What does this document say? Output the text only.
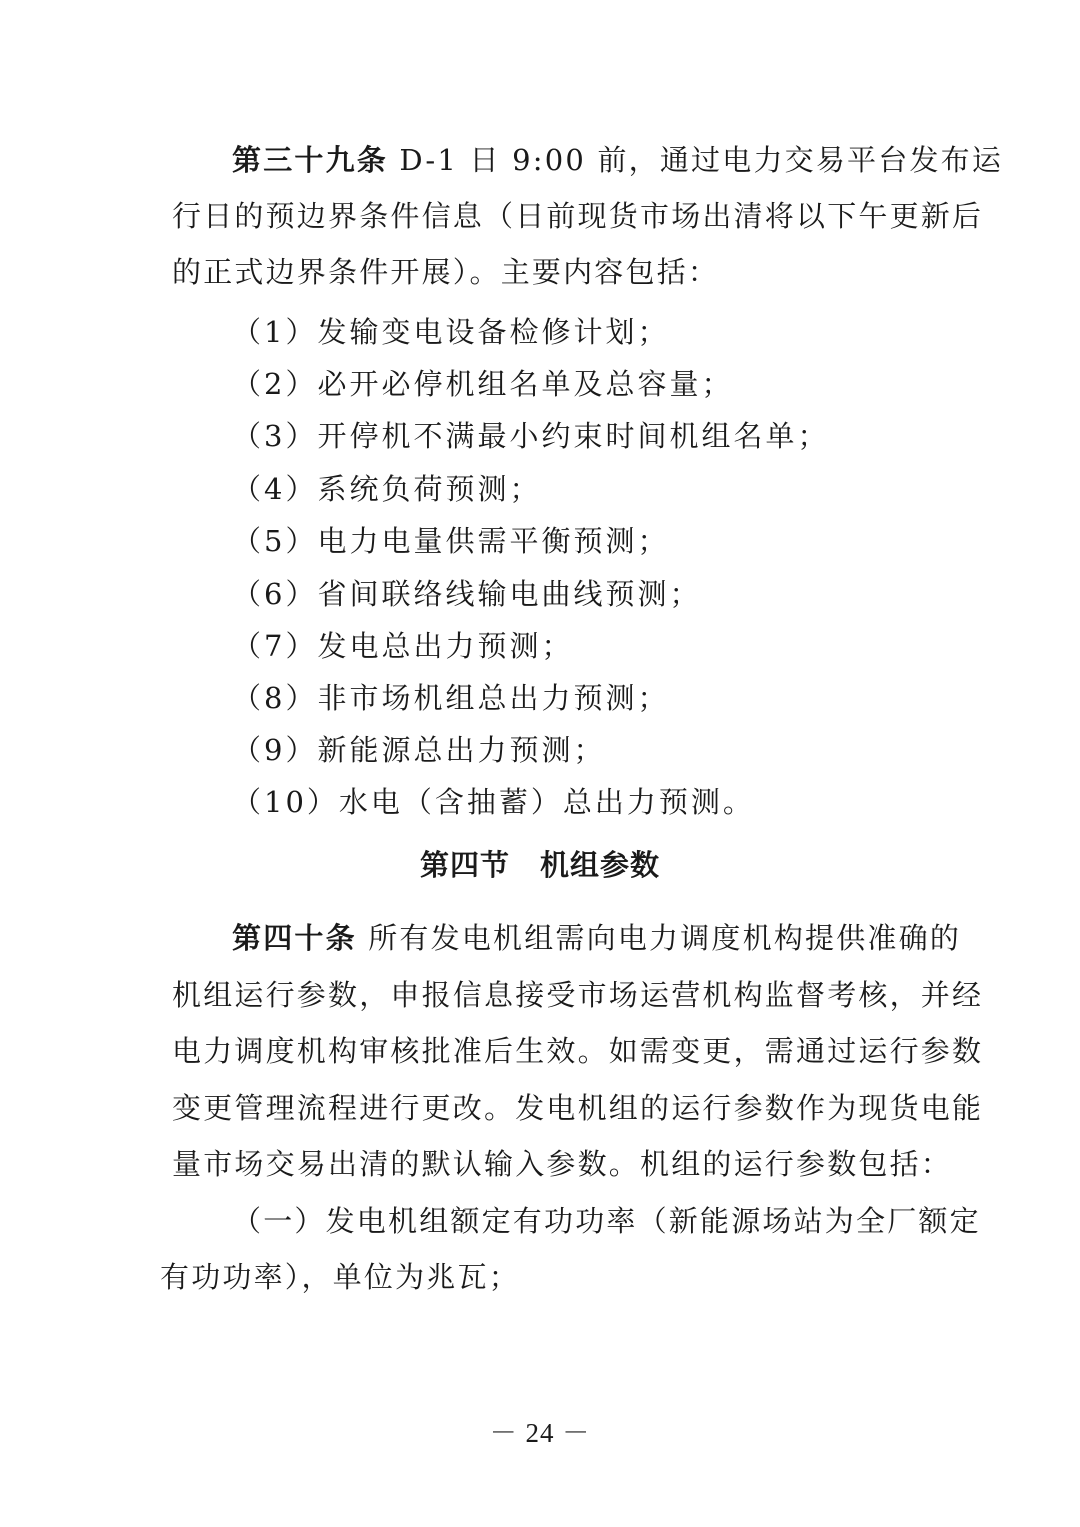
第三十九条 D-1 日 9:00 前，通过电力交易平台发布运
行日的预边界条件信息（日前现货市场出清将以下午更新后
的正式边界条件开展）。主要内容包括：
（1）发输变电设备检修计划；
（2）必开必停机组名单及总容量；
（3）开停机不满最小约束时间机组名单；
（4）系统负荷预测；
（5）电力电量供需平衡预测；
（6）省间联络线输电曲线预测；
（7）发电总出力预测；
（8）非市场机组总出力预测；
（9）新能源总出力预测；
（10）水电（含抽蓄）总出力预测。
第四节 机组参数
第四十条 所有发电机组需向电力调度机构提供准确的
机组运行参数，申报信息接受市场运营机构监督考核，并经
电力调度机构审核批准后生效。如需变更，需通过运行参数
变更管理流程进行更改。发电机组的运行参数作为现货电能
量市场交易出清的默认输入参数。机组的运行参数包括：
（一）发电机组额定有功功率（新能源场站为全厂额定
有功功率），单位为兆瓦；
－ 24 －
